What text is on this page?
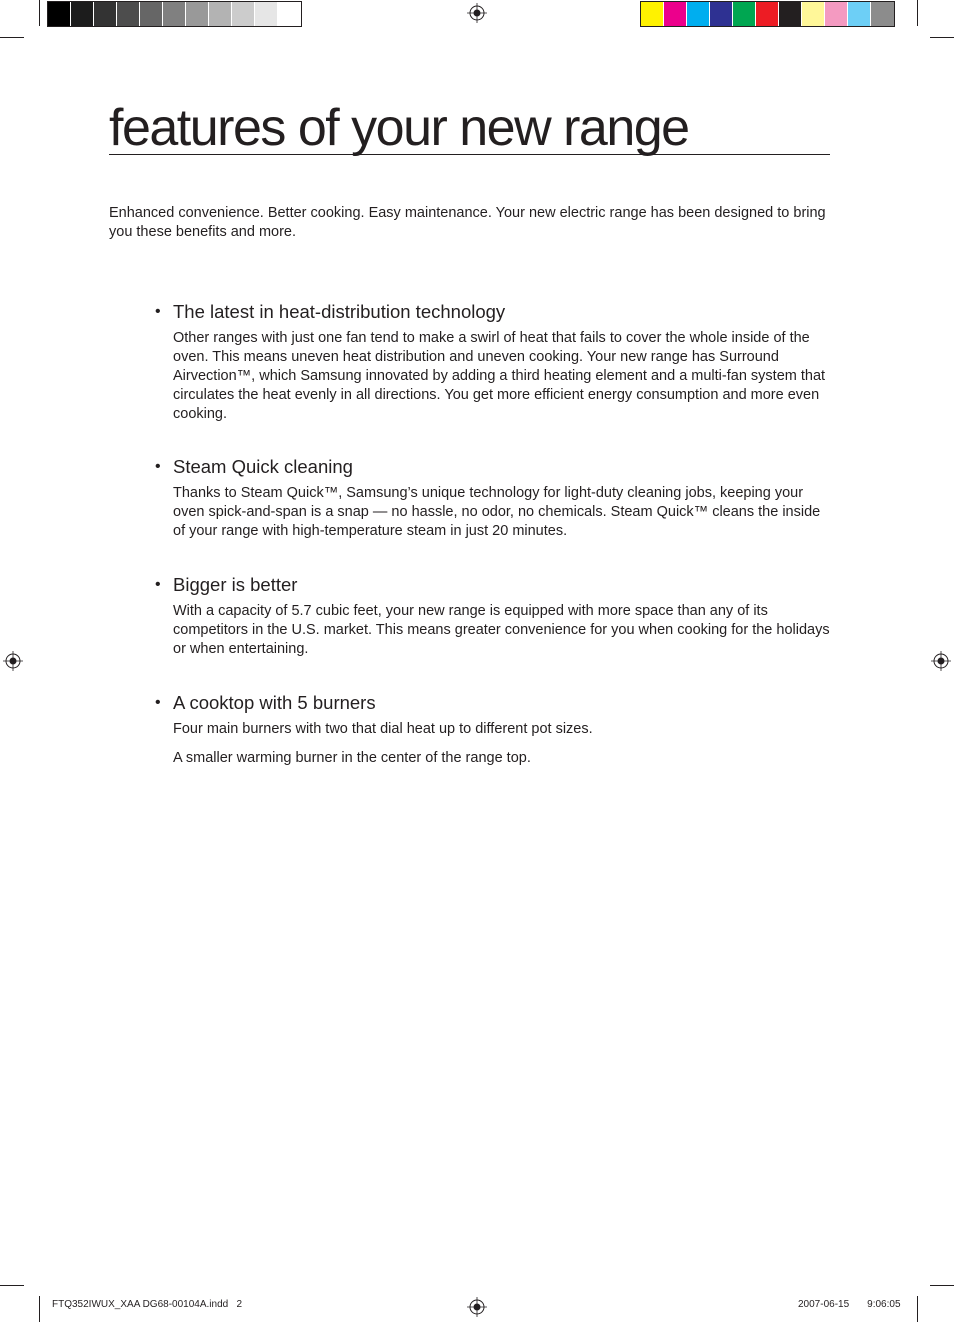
features of your new range
Enhanced convenience. Better cooking. Easy maintenance. Your new electric range has been designed to bring you these benefits and more.
• The latest in heat-distribution technology

Other ranges with just one fan tend to make a swirl of heat that fails to cover the whole inside of the oven. This means uneven heat distribution and uneven cooking. Your new range has Surround Airvection™, which Samsung innovated by adding a third heating element and a multi-fan system that circulates the heat evenly in all directions. You get more efficient energy consumption and more even cooking.

• Steam Quick cleaning

Thanks to Steam Quick™, Samsung’s unique technology for light-duty cleaning jobs, keeping your oven spick-and-span is a snap — no hassle, no odor, no chemicals. Steam Quick™ cleans the inside of your range with high-temperature steam in just 20 minutes.

• Bigger is better

With a capacity of 5.7 cubic feet, your new range is equipped with more space than any of its competitors in the U.S. market. This means greater convenience for you when cooking for the holidays or when entertaining.

• A cooktop with 5 burners

Four main burners with two that dial heat up to different pot sizes.

A smaller warming burner in the center of the range top.

FTQ352IWUX_XAA DG68-00104A.indd   2	2007-06-15 9:06:05
